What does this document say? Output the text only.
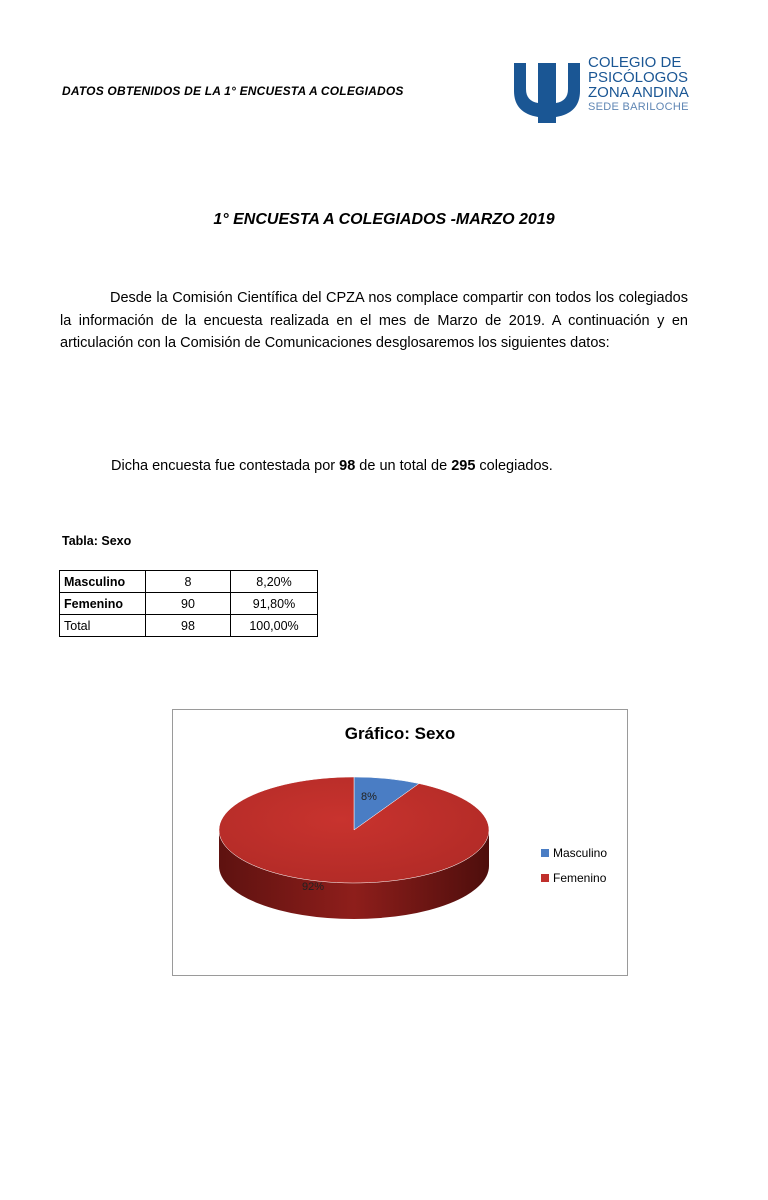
DATOS OBTENIDOS DE LA 1° ENCUESTA A COLEGIADOS
COLEGIO DE
PSICÓLOGOS
ZONA ANDINA
SEDE BARILOCHE
1° ENCUESTA A COLEGIADOS -MARZO 2019
Desde la Comisión Científica del CPZA nos complace compartir con todos los colegiados la información de la encuesta realizada en el mes de Marzo de 2019. A continuación y en articulación con la Comisión de Comunicaciones desglosaremos los siguientes datos:
Dicha encuesta fue contestada por 98 de un total de 295 colegiados.
Tabla: Sexo
Masculino	8	8,20%
Femenino	90	91,80%
Total	98	100,00%
8%
92%
Gráfico: Sexo
Masculino
Femenino
